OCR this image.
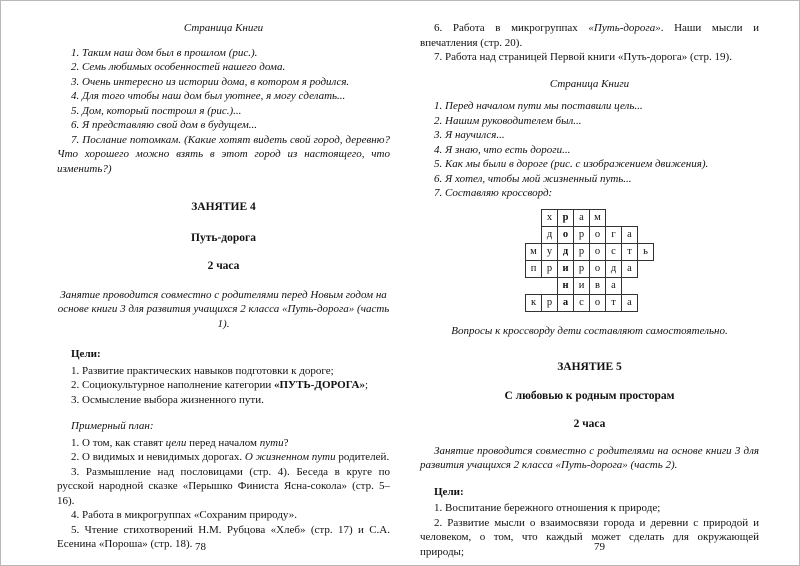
Страница Книги

1. Таким наш дом был в прошлом (рис.).

2. Семь любимых особенностей нашего дома.

3. Очень интересно из истории дома, в котором я родился.

4. Для того чтобы наш дом был уютнее, я могу сделать...

5. Дом, который построил я (рис.)...

6. Я представляю свой дом в будущем...

7. Послание потомкам. (Какие хотят видеть свой город, деревню? Что хорошего можно взять в этот город из настоящего, что изменить?)

ЗАНЯТИЕ 4
Путь-дорога
2 часа
Занятие проводится совместно с родителями перед Новым годом на основе книги 3 для развития учащихся 2 класса «Путь-дорога» (часть 1).

Цели:

1. Развитие практических навыков подготовки к дороге;

2. Социокультурное наполнение категории «ПУТЬ-ДОРОГА»;

3. Осмысление выбора жизненного пути.

Примерный план:

1. О том, как ставят цели перед началом пути?

2. О видимых и невидимых дорогах. О жизненном пути родителей.

3. Размышление над пословицами (стр. 4). Беседа в круге по русской народной сказке «Перышко Финиста Ясна-сокола» (стр. 5–16).

4. Работа в микрогруппах «Сохраним природу».

5. Чтение стихотворений Н.М. Рубцова «Хлеб» (стр. 17) и С.А. Есенина «Пороша» (стр. 18). 78

6. Работа в микрогруппах «Путь-дорога». Наши мысли и впечатления (стр. 20).

7. Работа над страницей Первой книги «Путь-дорога» (стр. 19).

Страница Книги

1. Перед началом пути мы поставили цель...

2. Нашим руководителем был...

3. Я научился...

4. Я знаю, что есть дороги...

5. Как мы были в дороге (рис. с изображением движения).

6. Я хотел, чтобы мой жизненный путь...

7. Составляю кроссворд:

	х	р	а	м			
	д	о	р	о	г	а	
м	у	д	р	о	с	т	ь
п	р	и	р	о	д	а	
		н	и	в	а		
к	р	а	с	о	т	а	
Вопросы к кроссворду дети составляют самостоятельно.
ЗАНЯТИЕ 5
С любовью к родным просторам
2 часа

Занятие проводится совместно с родителями на основе книги 3 для развития учащихся 2 класса «Путь-дорога» (часть 2).

Цели:

1. Воспитание бережного отношения к природе;

2. Развитие мысли о взаимосвязи города и деревни с природой и человеком, о том, что каждый может сделать для окружающей природы;	79
